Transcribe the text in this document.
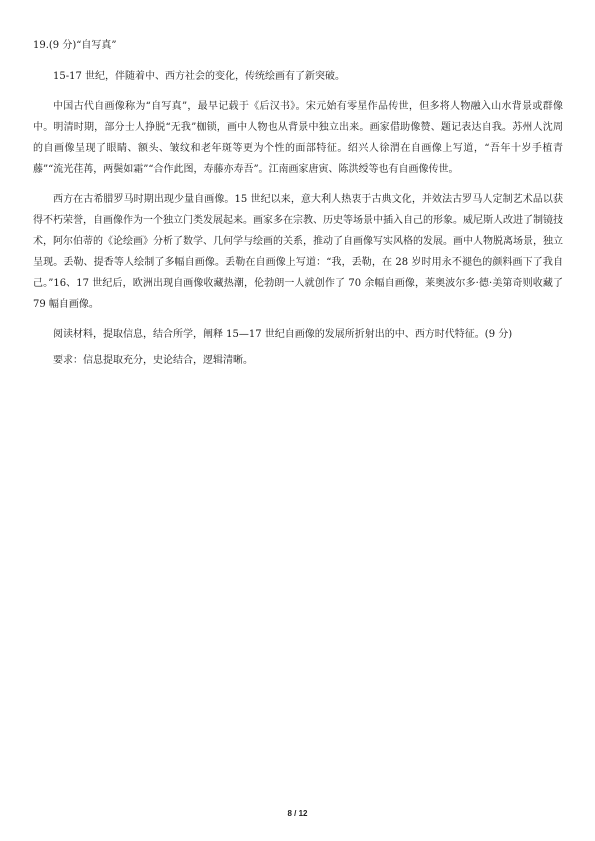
19.(9 分)“自写真”

15-17 世纪，伴随着中、西方社会的变化，传统绘画有了新突破。

中国古代自画像称为“自写真”，最早记载于《后汉书》。宋元始有零星作品传世，但多将人物融入山水背景或群像中。明清时期，部分士人挣脱“无我”枷锁，画中人物也从背景中独立出来。画家借助像赞、题记表达自我。苏州人沈周的自画像呈现了眼睛、额头、皱纹和老年斑等更为个性的面部特征。绍兴人徐渭在自画像上写道，“吾年十岁手植青藤”“流光荏苒，两鬓如霜”“合作此图，寿藤亦寿吾”。江南画家唐寅、陈洪绶等也有自画像传世。

西方在古希腊罗马时期出现少量自画像。15 世纪以来，意大利人热衷于古典文化，并效法古罗马人定制艺术品以获得不朽荣誉，自画像作为一个独立门类发展起来。画家多在宗教、历史等场景中插入自己的形象。威尼斯人改进了制镜技术，阿尔伯蒂的《论绘画》分析了数学、几何学与绘画的关系，推动了自画像写实风格的发展。画中人物脱离场景，独立呈现。丢勒、提香等人绘制了多幅自画像。丢勒在自画像上写道：“我，丢勒，在 28 岁时用永不褪色的颜料画下了我自己。”16、17 世纪后，欧洲出现自画像收藏热潮，伦勃朗一人就创作了 70 余幅自画像，莱奥波尔多·德·美第奇则收藏了 79 幅自画像。

阅读材料，提取信息，结合所学，阐释 15—17 世纪自画像的发展所折射出的中、西方时代特征。(9 分)

要求：信息提取充分，史论结合，逻辑清晰。

8 / 12
